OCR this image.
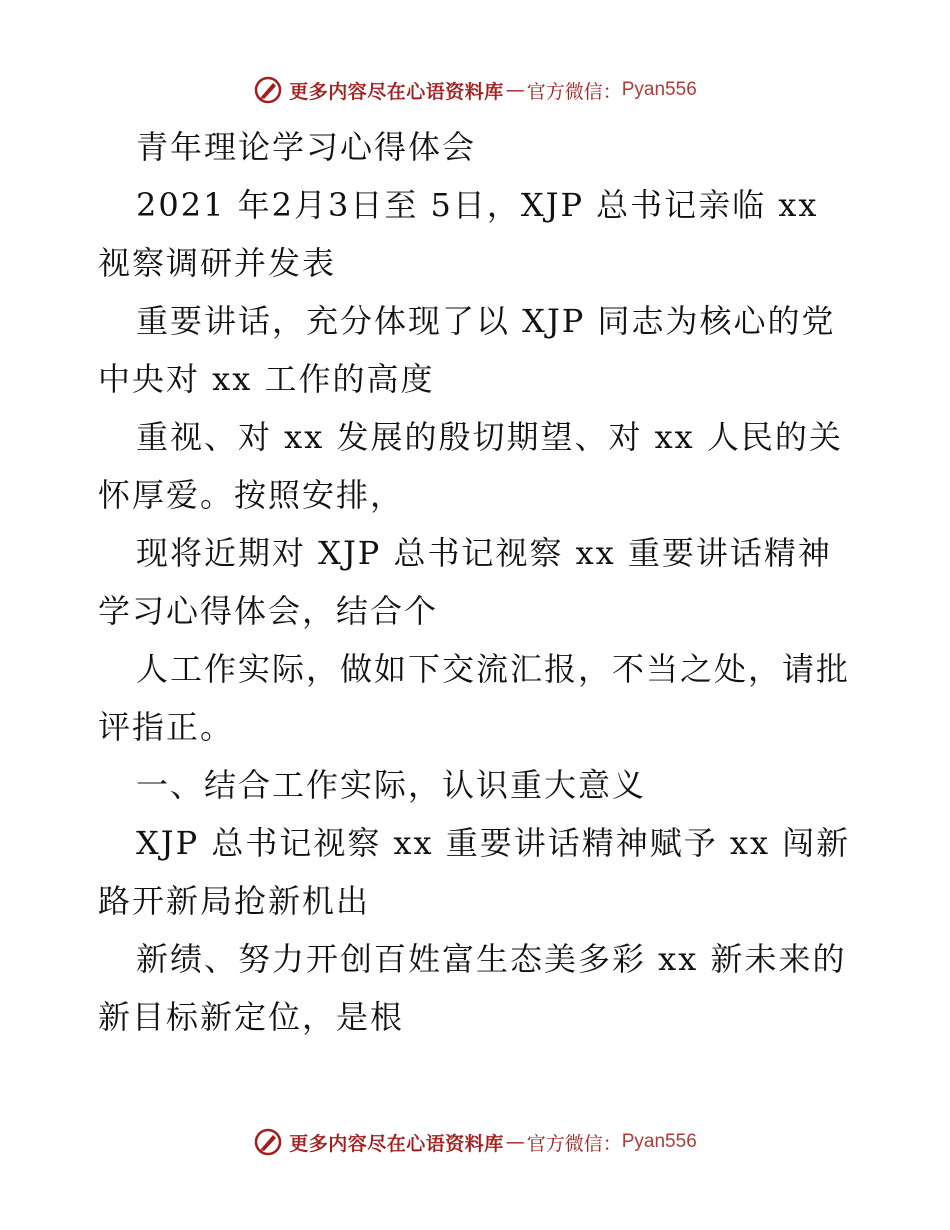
更多内容尽在心语资料库 — 官方微信： Pyan556

青年理论学习心得体会

2021 年2月3日至 5日，XJP 总书记亲临 xx 视察调研并发表

重要讲话，充分体现了以 XJP 同志为核心的党中央对 xx 工作的高度

重视、对 xx 发展的殷切期望、对 xx 人民的关怀厚爱。按照安排，

现将近期对 XJP 总书记视察 xx 重要讲话精神学习心得体会，结合个

人工作实际，做如下交流汇报，不当之处，请批评指正。

一、结合工作实际，认识重大意义

XJP 总书记视察 xx 重要讲话精神赋予 xx 闯新路开新局抢新机出

新绩、努力开创百姓富生态美多彩 xx 新未来的新目标新定位，是根

更多内容尽在心语资料库 — 官方微信： Pyan556
